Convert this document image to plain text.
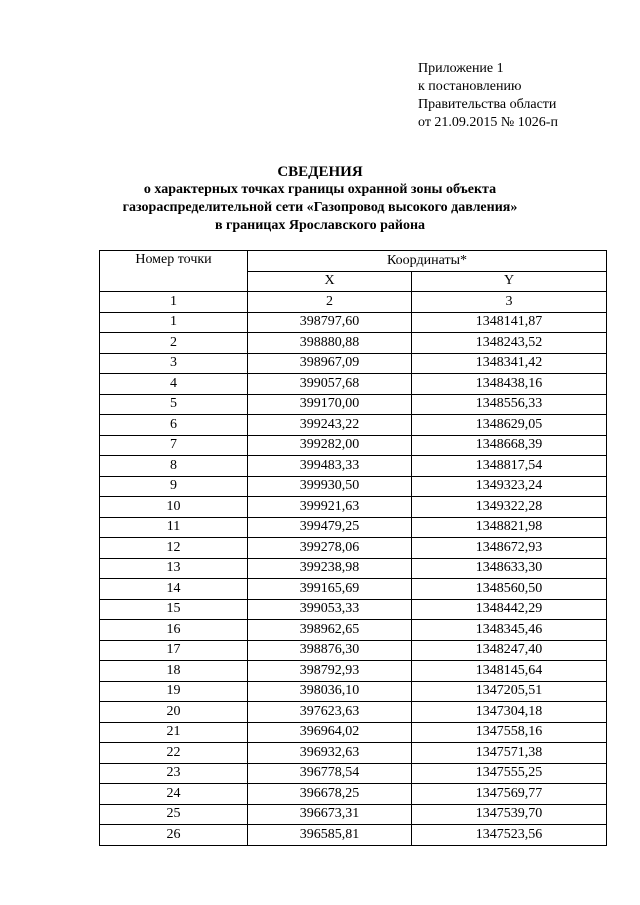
Приложение 1
к постановлению
Правительства области
от 21.09.2015 № 1026-п
СВЕДЕНИЯ
о характерных точках границы охранной зоны объекта
газораспределительной сети «Газопровод высокого давления»
в границах Ярославского района
Номер точки	Координаты*	
	X	Y
1	2	3
1	398797,60	1348141,87
2	398880,88	1348243,52
3	398967,09	1348341,42
4	399057,68	1348438,16
5	399170,00	1348556,33
6	399243,22	1348629,05
7	399282,00	1348668,39
8	399483,33	1348817,54
9	399930,50	1349323,24
10	399921,63	1349322,28
11	399479,25	1348821,98
12	399278,06	1348672,93
13	399238,98	1348633,30
14	399165,69	1348560,50
15	399053,33	1348442,29
16	398962,65	1348345,46
17	398876,30	1348247,40
18	398792,93	1348145,64
19	398036,10	1347205,51
20	397623,63	1347304,18
21	396964,02	1347558,16
22	396932,63	1347571,38
23	396778,54	1347555,25
24	396678,25	1347569,77
25	396673,31	1347539,70
26	396585,81	1347523,56
